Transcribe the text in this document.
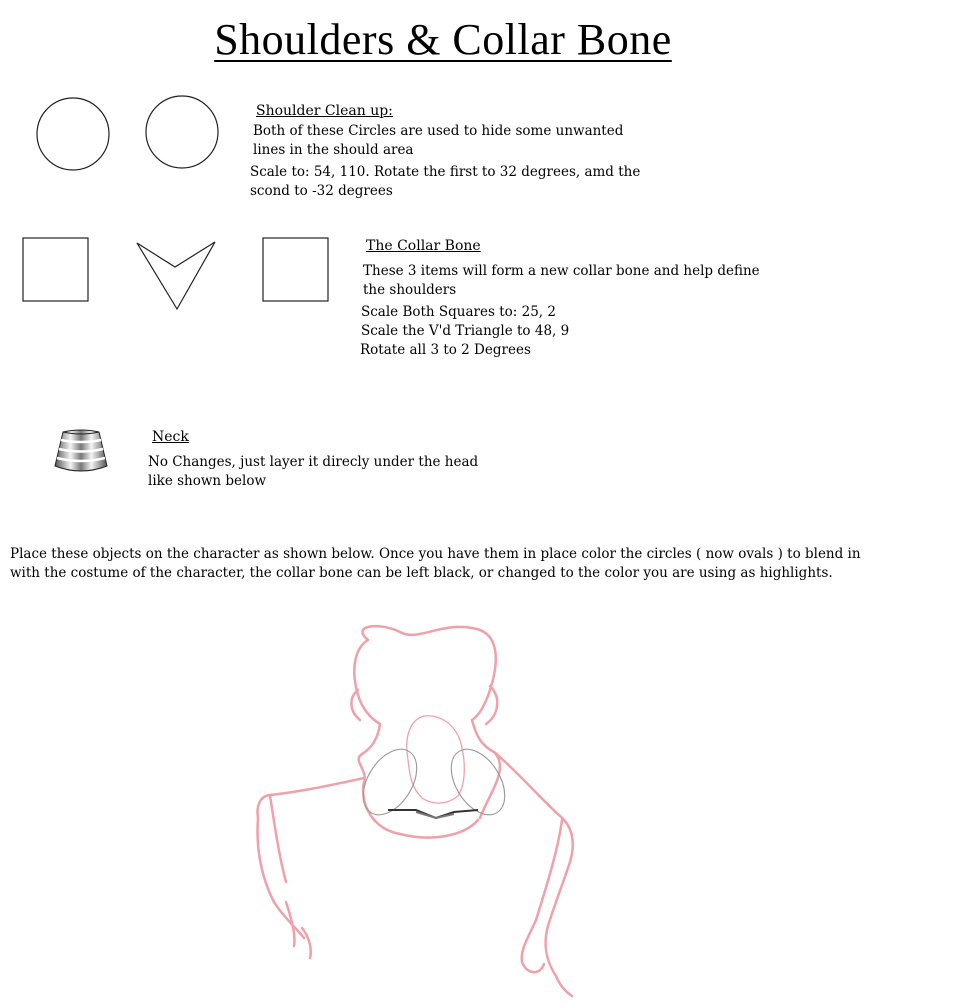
Shoulders & Collar Bone
Shoulder Clean up:
Both of these Circles are used to hide some unwanted
lines in the should area
Scale to: 54, 110. Rotate the first to 32 degrees, amd the
scond to -32 degrees
The Collar Bone
These 3 items will form a new collar bone and help define
the shoulders
Scale Both Squares to: 25, 2
Scale the V'd Triangle to 48, 9
Rotate all 3 to 2 Degrees
Neck
No Changes, just layer it direcly under the head
like shown below
Place these objects on the character as shown below. Once you have them in place color the circles ( now ovals ) to blend in with the costume of the character, the collar bone can be left black, or changed to the color you are using as highlights.
